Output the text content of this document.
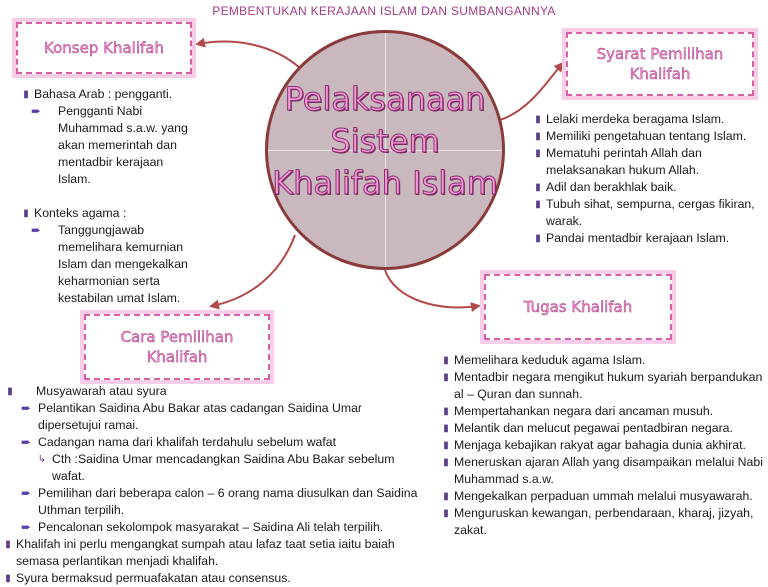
PEMBENTUKAN KERAJAAN ISLAM DAN SUMBANGANNYA
Pelaksanaan
Sistem
Khalifah Islam
Konsep Khalifah	Syarat Pemilihan
Khalifah
Tugas Khalifah
Cara Pemilihan
Khalifah
▮ Bahasa Arab : pengganti.
➨	Pengganti Nabi Muhammad s.a.w. yang akan memerintah dan mentadbir kerajaan Islam.
▮ Konteks agama :
➨	Tanggungjawab memelihara kemurnian Islam dan mengekalkan keharmonian serta kestabilan umat Islam.
▮ Lelaki merdeka beragama Islam.
▮ Memiliki pengetahuan tentang Islam.
▮ Mematuhi perintah Allah dan melaksanakan hukum Allah.
▮ Adil dan berakhlak baik.
▮ Tubuh sihat, sempurna, cergas fikiran, warak.
▮ Pandai mentadbir kerajaan Islam.
▮ Memelihara keduduk agama Islam.
▮ Mentadbir negara mengikut hukum syariah berpandukan al – Quran dan sunnah.
▮ Mempertahankan negara dari ancaman musuh.
▮ Melantik dan melucut pegawai pentadbiran negara.
▮ Menjaga kebajikan rakyat agar bahagia dunia akhirat.
▮ Meneruskan ajaran Allah yang disampaikan melalui Nabi Muhammad s.a.w.
▮ Mengekalkan perpaduan ummah melalui musyawarah.
▮ Menguruskan kewangan, perbendaraan, kharaj, jizyah, zakat.
▮ Musyawarah atau syura
➨ Pelantikan Saidina Abu Bakar atas cadangan Saidina Umar dipersetujui ramai.
➨ Cadangan nama dari khalifah terdahulu sebelum wafat
↳ Cth :Saidina Umar mencadangkan Saidina Abu Bakar sebelum wafat.
➨ Pemilihan dari beberapa calon – 6 orang nama diusulkan dan Saidina Uthman terpilih.
➨ Pencalonan sekolompok masyarakat – Saidina Ali telah terpilih.
▮ Khalifah ini perlu mengangkat sumpah atau lafaz taat setia iaitu baiah semasa perlantikan menjadi khalifah.
▮ Syura bermaksud permuafakatan atau consensus.
